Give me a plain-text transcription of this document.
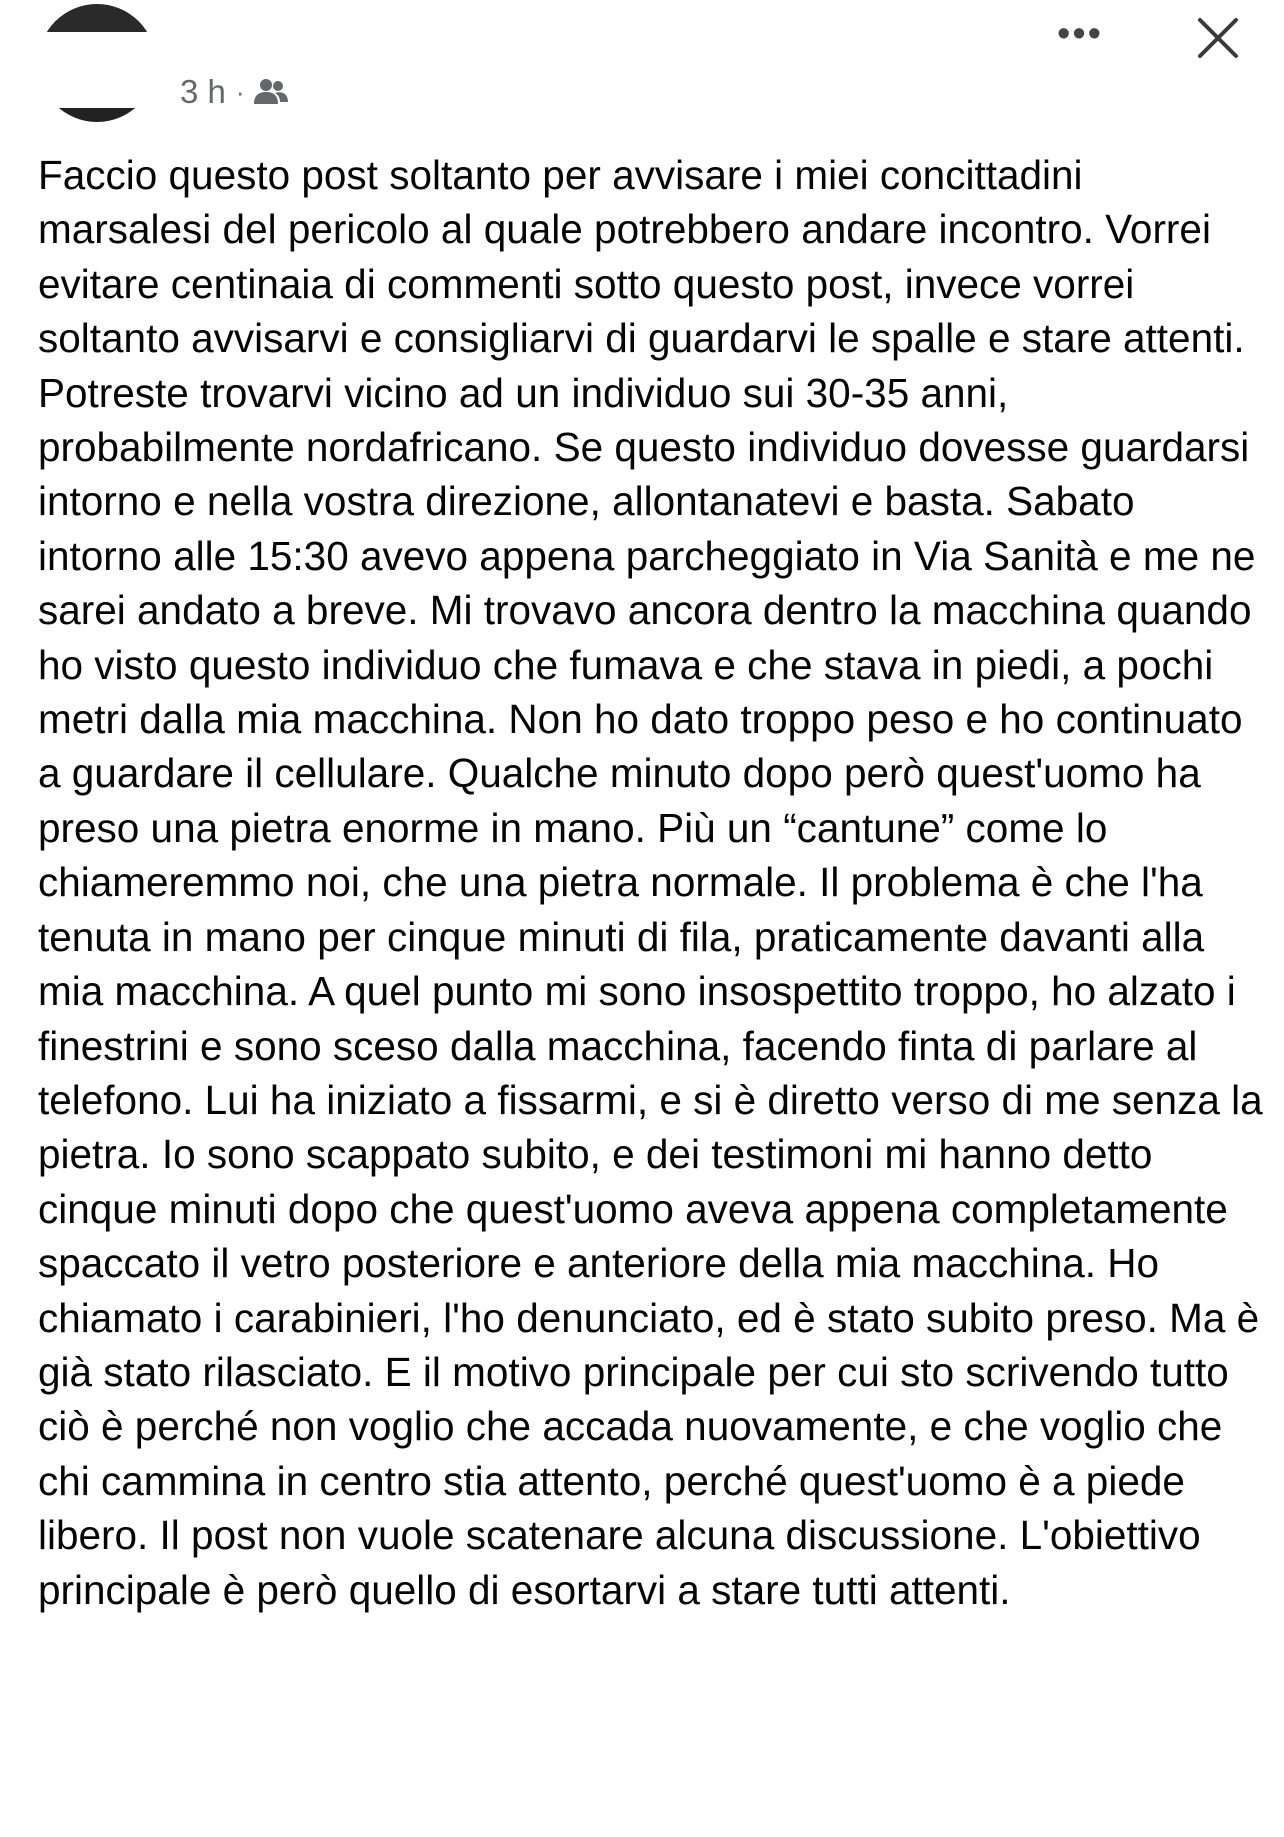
3 h ·
•••

Faccio questo post soltanto per avvisare i miei concittadini marsalesi del pericolo al quale potrebbero andare incontro. Vorrei evitare centinaia di commenti sotto questo post, invece vorrei soltanto avvisarvi e consigliarvi di guardarvi le spalle e stare attenti. Potreste trovarvi vicino ad un individuo sui 30-35 anni, probabilmente nordafricano. Se questo individuo dovesse guardarsi intorno e nella vostra direzione, allontanatevi e basta. Sabato intorno alle 15:30 avevo appena parcheggiato in Via Sanità e me ne sarei andato a breve. Mi trovavo ancora dentro la macchina quando ho visto questo individuo che fumava e che stava in piedi, a pochi metri dalla mia macchina. Non ho dato troppo peso e ho continuato a guardare il cellulare. Qualche minuto dopo però quest'uomo ha preso una pietra enorme in mano. Più un “cantune” come lo chiameremmo noi, che una pietra normale. Il problema è che l'ha tenuta in mano per cinque minuti di fila, praticamente davanti alla mia macchina. A quel punto mi sono insospettito troppo, ho alzato i finestrini e sono sceso dalla macchina, facendo finta di parlare al telefono. Lui ha iniziato a fissarmi, e si è diretto verso di me senza la pietra. Io sono scappato subito, e dei testimoni mi hanno detto cinque minuti dopo che quest'uomo aveva appena completamente spaccato il vetro posteriore e anteriore della mia macchina. Ho chiamato i carabinieri, l'ho denunciato, ed è stato subito preso. Ma è già stato rilasciato. E il motivo principale per cui sto scrivendo tutto ciò è perché non voglio che accada nuovamente, e che voglio che chi cammina in centro stia attento, perché quest'uomo è a piede libero. Il post non vuole scatenare alcuna discussione. L'obiettivo principale è però quello di esortarvi a stare tutti attenti.
